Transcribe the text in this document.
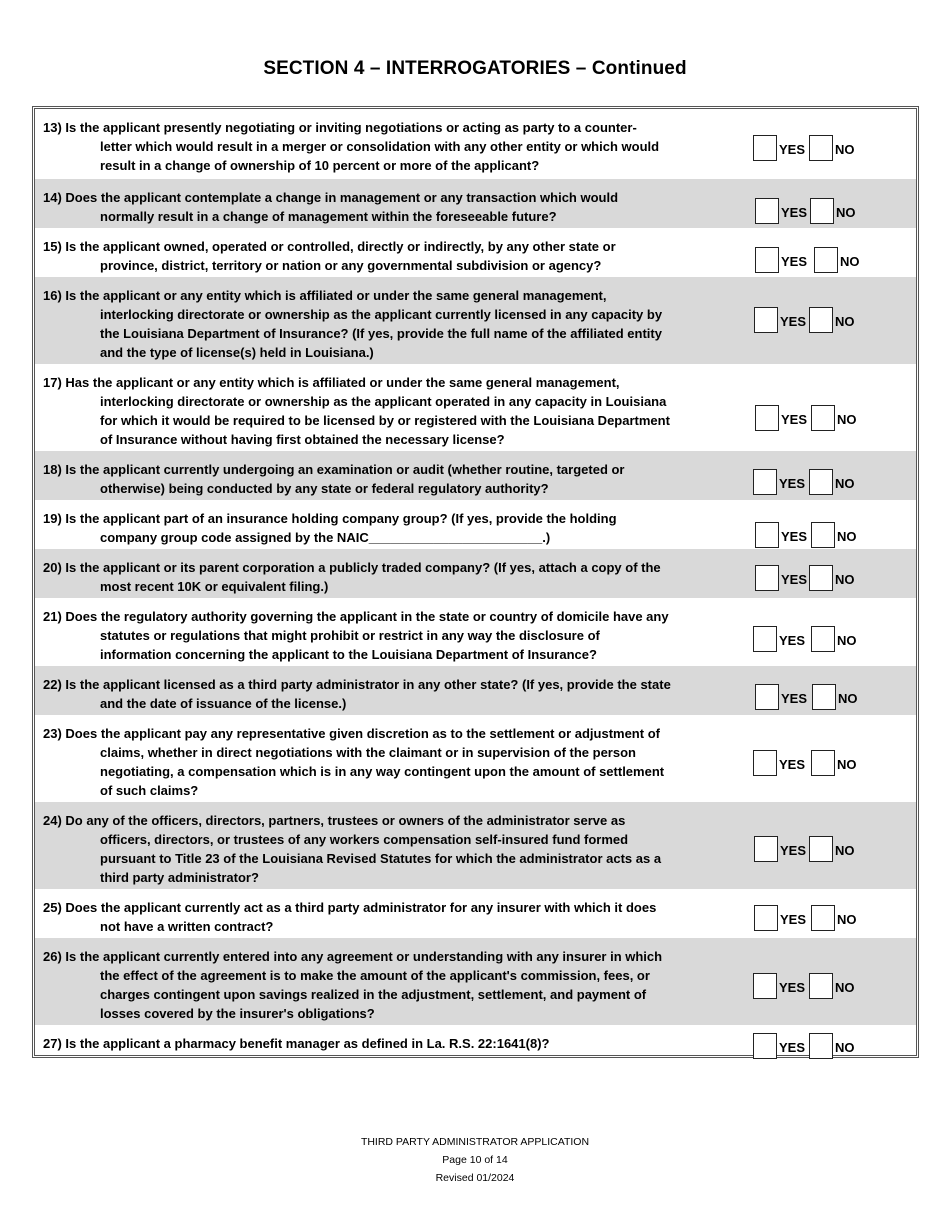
SECTION 4 – INTERROGATORIES – Continued
13) Is the applicant presently negotiating or inviting negotiations or acting as party to a counter-
letter which would result in a merger or consolidation with any other entity or which would
result in a change of ownership of 10 percent or more of the applicant?
YES NO
14) Does the applicant contemplate a change in management or any transaction which would
normally result in a change of management within the foreseeable future?	YES NO
15) Is the applicant owned, operated or controlled, directly or indirectly, by any other state or
province, district, territory or nation or any governmental subdivision or agency?	YES	NO
16) Is the applicant or any entity which is affiliated or under the same general management,
interlocking directorate or ownership as the applicant currently licensed in any capacity by
the Louisiana Department of Insurance? (If yes, provide the full name of the affiliated entity
and the type of license(s) held in Louisiana.)
YES NO
17) Has the applicant or any entity which is affiliated or under the same general management,
interlocking directorate or ownership as the applicant operated in any capacity in Louisiana
for which it would be required to be licensed by or registered with the Louisiana Department
of Insurance without having first obtained the necessary license?
YES NO
18) Is the applicant currently undergoing an examination or audit (whether routine, targeted or
otherwise) being conducted by any state or federal regulatory authority?	YES NO
19) Is the applicant part of an insurance holding company group? (If yes, provide the holding
company group code assigned by the NAIC________________________.)	YES NO
20) Is the applicant or its parent corporation a publicly traded company? (If yes, attach a copy of the
most recent 10K or equivalent filing.)	YES NO
21) Does the regulatory authority governing the applicant in the state or country of domicile have any
statutes or regulations that might prohibit or restrict in any way the disclosure of
information concerning the applicant to the Louisiana Department of Insurance?
YES NO
22) Is the applicant licensed as a third party administrator in any other state? (If yes, provide the state
and the date of issuance of the license.)	YES NO
23) Does the applicant pay any representative given discretion as to the settlement or adjustment of
claims, whether in direct negotiations with the claimant or in supervision of the person
negotiating, a compensation which is in any way contingent upon the amount of settlement
of such claims?
YES NO
24) Do any of the officers, directors, partners, trustees or owners of the administrator serve as
officers, directors, or trustees of any workers compensation self-insured fund formed
pursuant to Title 23 of the Louisiana Revised Statutes for which the administrator acts as a
third party administrator?
YES NO
25) Does the applicant currently act as a third party administrator for any insurer with which it does
not have a written contract?	YES NO
26) Is the applicant currently entered into any agreement or understanding with any insurer in which
the effect of the agreement is to make the amount of the applicant's commission, fees, or
charges contingent upon savings realized in the adjustment, settlement, and payment of
losses covered by the insurer's obligations?
YES NO
27) Is the applicant a pharmacy benefit manager as defined in La. R.S. 22:1641(8)?	YES NO
THIRD PARTY ADMINISTRATOR APPLICATION
Page 10 of 14
Revised 01/2024
